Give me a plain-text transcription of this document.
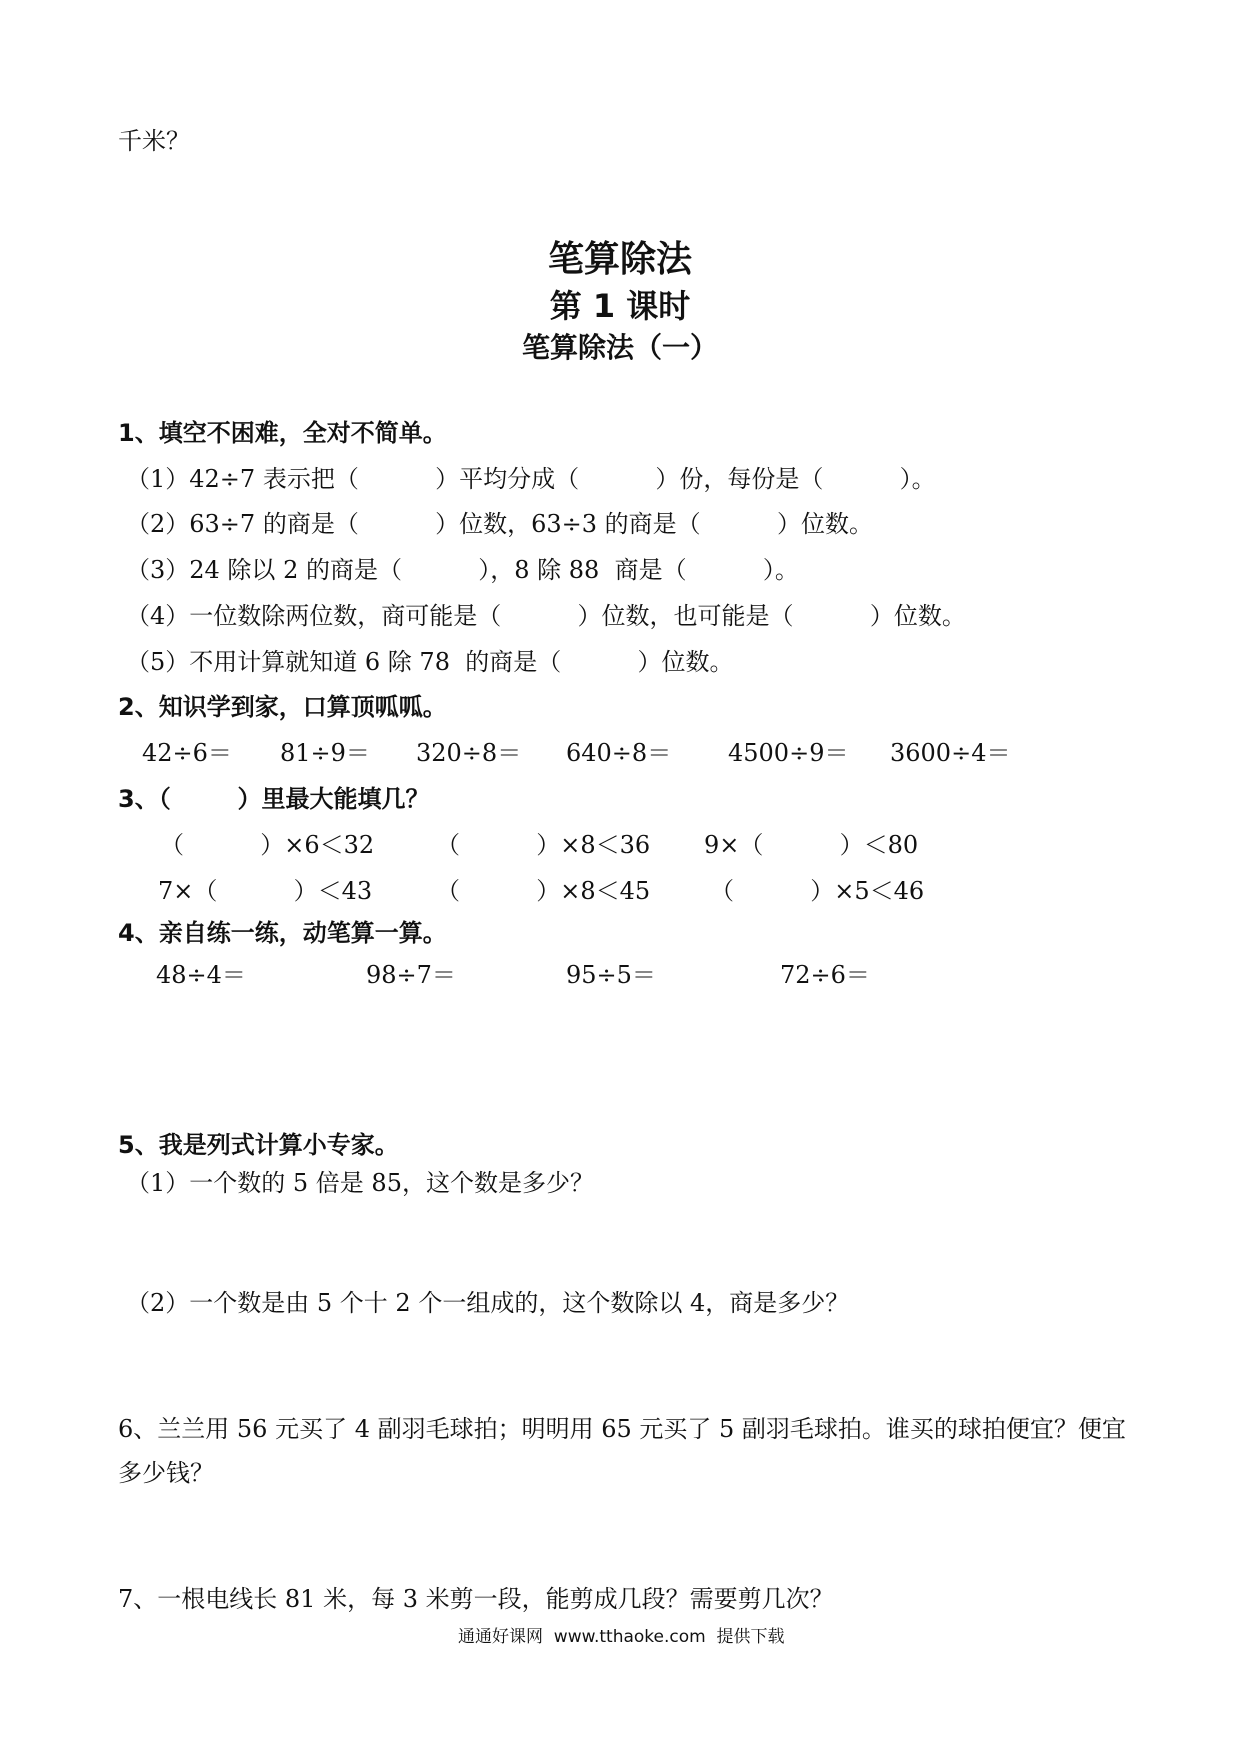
千米？
笔算除法
第 1 课时
笔算除法（一）
1、填空不困难，全对不简单。
（1）42÷7 表示把（          ）平均分成（          ）份，每份是（          ）。
（2）63÷7 的商是（          ）位数，63÷3 的商是（          ）位数。
（3）24 除以 2 的商是（          ），8 除 88  商是（          ）。
（4）一位数除两位数，商可能是（          ）位数，也可能是（          ）位数。
（5）不用计算就知道 6 除 78  的商是（          ）位数。
2、知识学到家，口算顶呱呱。
42÷6＝ 81÷9＝ 320÷8＝ 640÷8＝ 4500÷9＝ 3600÷4＝
3、（        ）里最大能填几？
（          ）×6＜32	（          ）×8＜36 9×（          ）＜80
7×（          ）＜43	（          ）×8＜45 （          ）×5＜46
4、亲自练一练，动笔算一算。
48÷4＝	98÷7＝	95÷5＝	72÷6＝
5、我是列式计算小专家。
（1）一个数的 5 倍是 85，这个数是多少？
（2）一个数是由 5 个十 2 个一组成的，这个数除以 4，商是多少？
6、兰兰用 56 元买了 4 副羽毛球拍；明明用 65 元买了 5 副羽毛球拍。谁买的球拍便宜？便宜
多少钱？
7、一根电线长 81 米，每 3 米剪一段，能剪成几段？需要剪几次？
通通好课网  www.tthaoke.com  提供下载
